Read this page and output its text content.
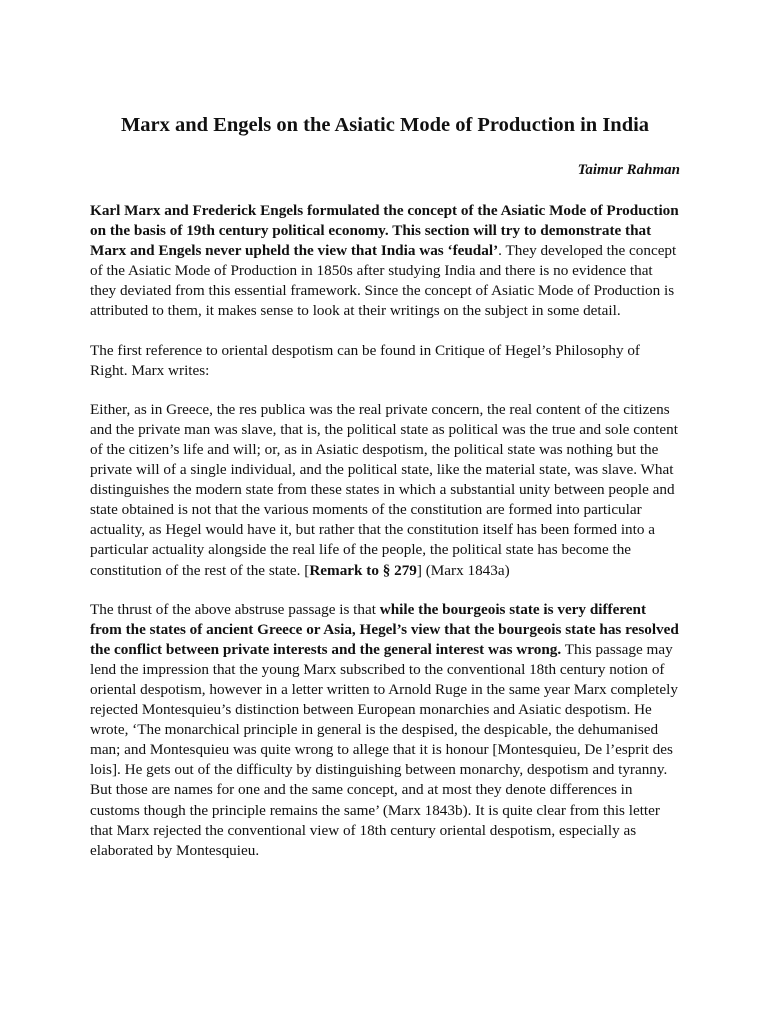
Marx and Engels on the Asiatic Mode of Production in India

Taimur Rahman

Karl Marx and Frederick Engels formulated the concept of the Asiatic Mode of Production on the basis of 19th century political economy. This section will try to demonstrate that Marx and Engels never upheld the view that India was ‘feudal’. They developed the concept of the Asiatic Mode of Production in 1850s after studying India and there is no evidence that they deviated from this essential framework. Since the concept of Asiatic Mode of Production is attributed to them, it makes sense to look at their writings on the subject in some detail.

The first reference to oriental despotism can be found in Critique of Hegel’s Philosophy of Right. Marx writes:

Either, as in Greece, the res publica was the real private concern, the real content of the citizens and the private man was slave, that is, the political state as political was the true and sole content of the citizen’s life and will; or, as in Asiatic despotism, the political state was nothing but the private will of a single individual, and the political state, like the material state, was slave. What distinguishes the modern state from these states in which a substantial unity between people and state obtained is not that the various moments of the constitution are formed into particular actuality, as Hegel would have it, but rather that the constitution itself has been formed into a particular actuality alongside the real life of the people, the political state has become the constitution of the rest of the state. [Remark to § 279] (Marx 1843a)

The thrust of the above abstruse passage is that while the bourgeois state is very different from the states of ancient Greece or Asia, Hegel’s view that the bourgeois state has resolved the conflict between private interests and the general interest was wrong. This passage may lend the impression that the young Marx subscribed to the conventional 18th century notion of oriental despotism, however in a letter written to Arnold Ruge in the same year Marx completely rejected Montesquieu’s distinction between European monarchies and Asiatic despotism. He wrote, ‘The monarchical principle in general is the despised, the despicable, the dehumanised man; and Montesquieu was quite wrong to allege that it is honour [Montesquieu, De l’esprit des lois]. He gets out of the difficulty by distinguishing between monarchy, despotism and tyranny. But those are names for one and the same concept, and at most they denote differences in customs though the principle remains the same’ (Marx 1843b). It is quite clear from this letter that Marx rejected the conventional view of 18th century oriental despotism, especially as elaborated by Montesquieu.
